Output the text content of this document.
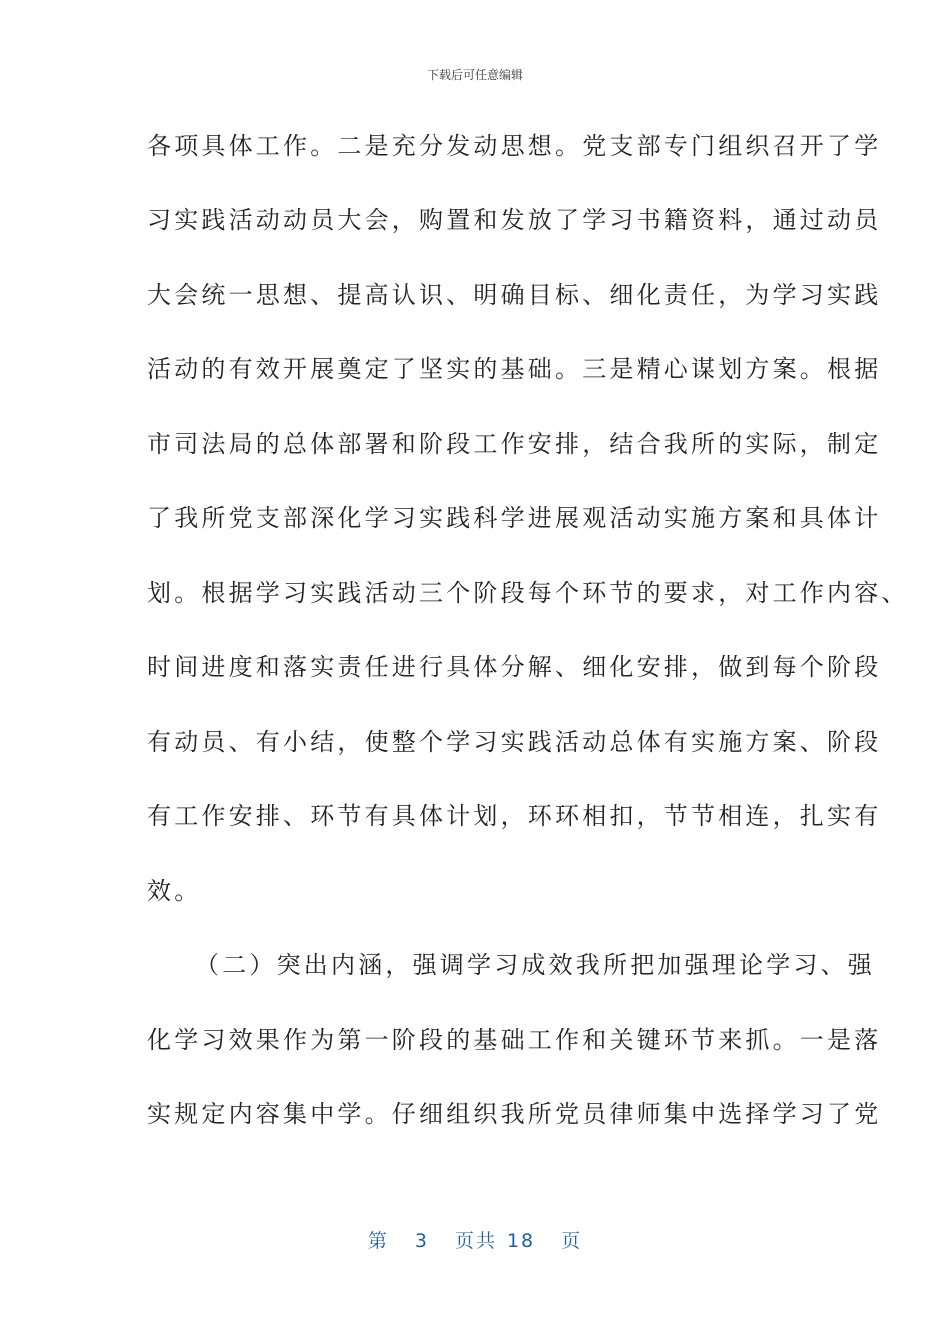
下载后可任意编辑
各项具体工作。二是充分发动思想。党支部专门组织召开了学
习实践活动动员大会，购置和发放了学习书籍资料，通过动员
大会统一思想、提高认识、明确目标、细化责任，为学习实践
活动的有效开展奠定了坚实的基础。三是精心谋划方案。根据
市司法局的总体部署和阶段工作安排，结合我所的实际，制定
了我所党支部深化学习实践科学进展观活动实施方案和具体计
划。根据学习实践活动三个阶段每个环节的要求，对工作内容、
时间进度和落实责任进行具体分解、细化安排，做到每个阶段
有动员、有小结，使整个学习实践活动总体有实施方案、阶段
有工作安排、环节有具体计划，环环相扣，节节相连，扎实有
效。
（二）突出内涵，强调学习成效我所把加强理论学习、强
化学习效果作为第一阶段的基础工作和关键环节来抓。一是落
实规定内容集中学。仔细组织我所党员律师集中选择学习了党
第 3 页共 18 页
